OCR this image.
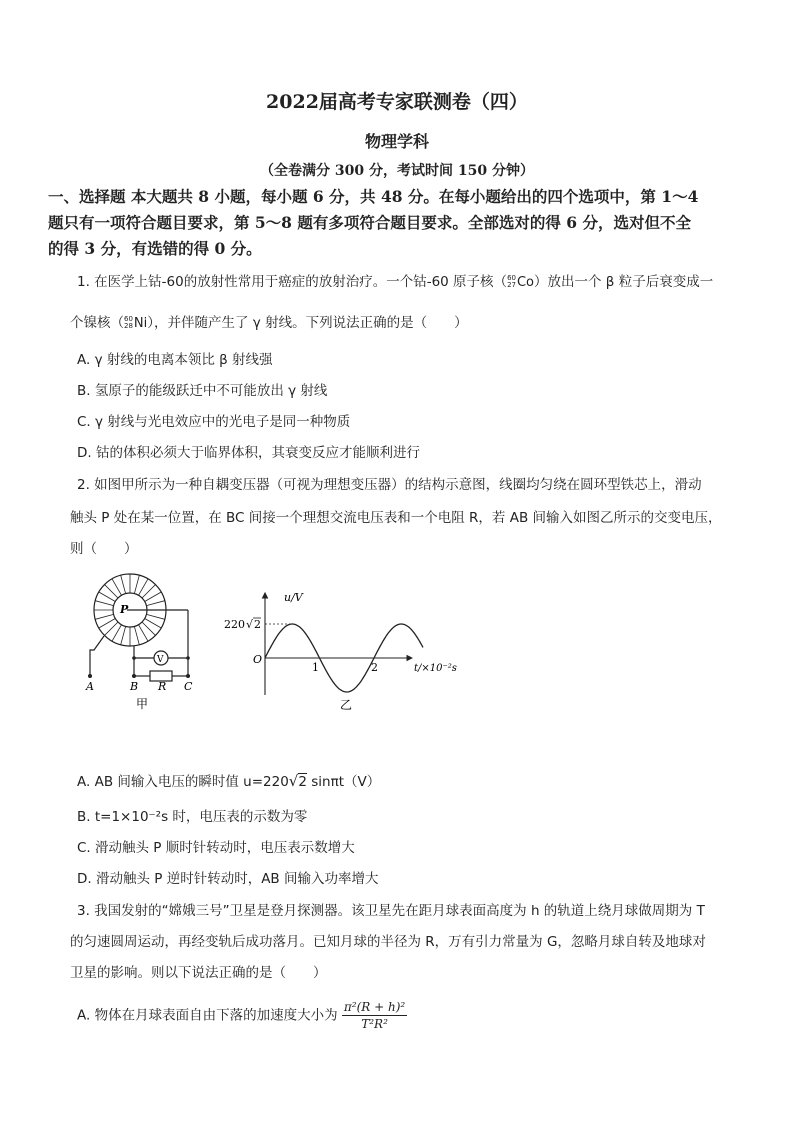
2022届高考专家联测卷（四）
物理学科
（全卷满分 300 分，考试时间 150 分钟）
一、选择题 本大题共 8 小题，每小题 6 分，共 48 分。在每小题给出的四个选项中，第 1～4
题只有一项符合题目要求，第 5～8 题有多项符合题目要求。全部选对的得 6 分，选对但不全
的得 3 分，有选错的得 0 分。
1. 在医学上钴-60的放射性常用于癌症的放射治疗。一个钴-60 原子核（ 60
27 Co）放出一个 β 粒子后衰变成一
个镍核（ 60
28 Ni），并伴随产生了 γ 射线。下列说法正确的是（　　）
A. γ 射线的电离本领比 β 射线强
B. 氢原子的能级跃迁中不可能放出 γ 射线
C. γ 射线与光电效应中的光电子是同一种物质
D. 钴的体积必须大于临界体积，其衰变反应才能顺利进行
2. 如图甲所示为一种自耦变压器（可视为理想变压器）的结构示意图，线圈均匀绕在圆环型铁芯上，滑动
触头 P 处在某一位置，在 BC 间接一个理想交流电压表和一个电阻 R，若 AB 间输入如图乙所示的交变电压，
则（　　）
P
V
A	B R C
甲
u/V
220 √ 2
O
1	2	t/×10⁻²s
乙
A. AB 间输入电压的瞬时值 u=220√2 sinπt（V）
B. t=1×10⁻²s 时，电压表的示数为零
C. 滑动触头 P 顺时针转动时，电压表示数增大
D. 滑动触头 P 逆时针转动时，AB 间输入功率增大
3. 我国发射的“嫦娥三号”卫星是登月探测器。该卫星先在距月球表面高度为 h 的轨道上绕月球做周期为 T
的匀速圆周运动，再经变轨后成功落月。已知月球的半径为 R，万有引力常量为 G，忽略月球自转及地球对
卫星的影响。则以下说法正确的是（　　）
A. 物体在月球表面自由下落的加速度大小为 $\frac{\text{π²(R + h)²}}{\text{T²R²}}$
